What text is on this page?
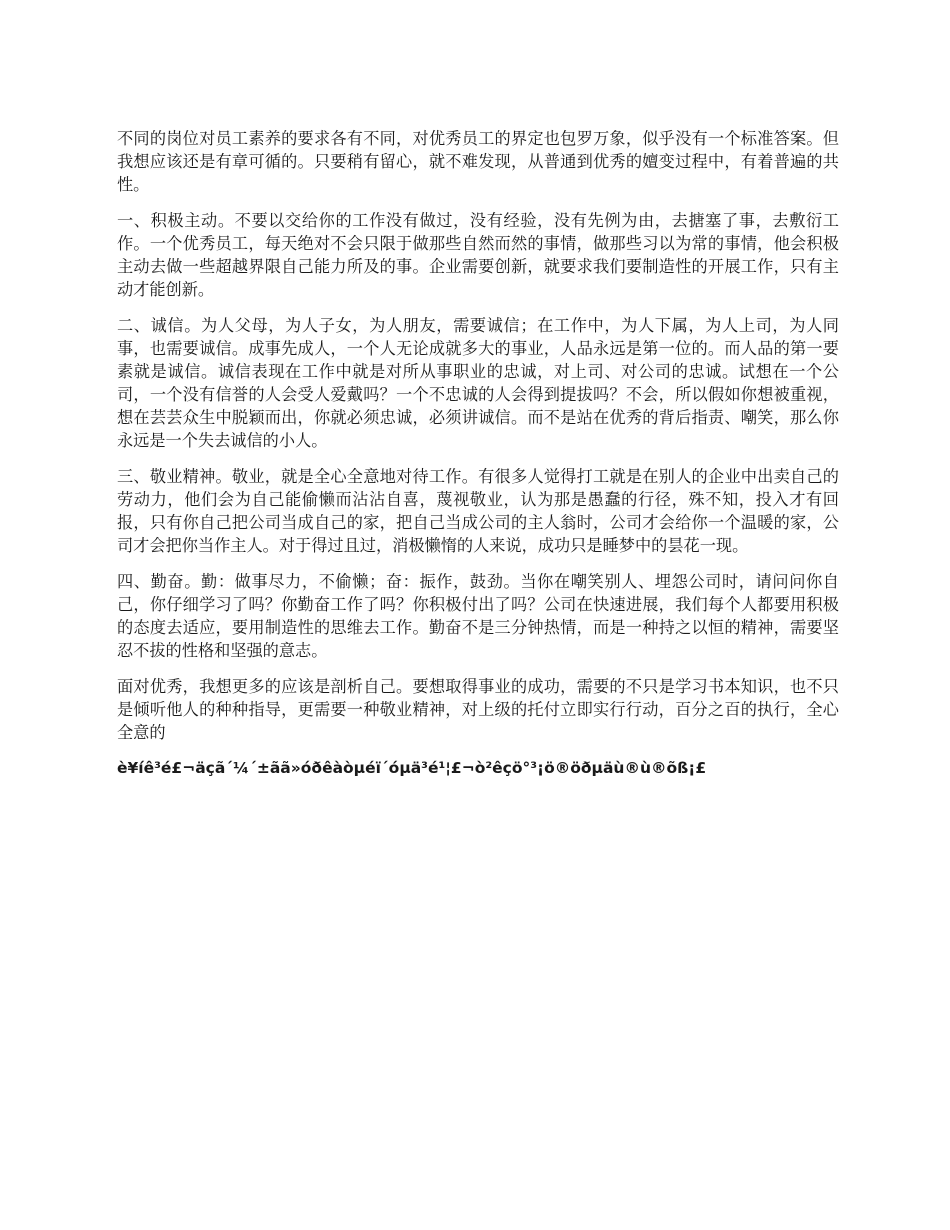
不同的岗位对员工素养的要求各有不同，对优秀员工的界定也包罗万象，似乎没有一个标准答案。但我想应该还是有章可循的。只要稍有留心，就不难发现，从普通到优秀的嬗变过程中，有着普遍的共性。

一、积极主动。不要以交给你的工作没有做过，没有经验，没有先例为由，去搪塞了事，去敷衍工作。一个优秀员工，每天绝对不会只限于做那些自然而然的事情，做那些习以为常的事情，他会积极主动去做一些超越界限自己能力所及的事。企业需要创新，就要求我们要制造性的开展工作，只有主动才能创新。

二、诚信。为人父母，为人子女，为人朋友，需要诚信；在工作中，为人下属，为人上司，为人同事，也需要诚信。成事先成人，一个人无论成就多大的事业，人品永远是第一位的。而人品的第一要素就是诚信。诚信表现在工作中就是对所从事职业的忠诚，对上司、对公司的忠诚。试想在一个公司，一个没有信誉的人会受人爱戴吗？一个不忠诚的人会得到提拔吗？不会，所以假如你想被重视，想在芸芸众生中脱颖而出，你就必须忠诚，必须讲诚信。而不是站在优秀的背后指责、嘲笑，那么你永远是一个失去诚信的小人。

三、敬业精神。敬业，就是全心全意地对待工作。有很多人觉得打工就是在别人的企业中出卖自己的劳动力，他们会为自己能偷懒而沾沾自喜，蔑视敬业，认为那是愚蠢的行径，殊不知，投入才有回报，只有你自己把公司当成自己的家，把自己当成公司的主人翁时，公司才会给你一个温暖的家，公司才会把你当作主人。对于得过且过，消极懒惰的人来说，成功只是睡梦中的昙花一现。

四、勤奋。勤：做事尽力，不偷懒；奋：振作，鼓劲。当你在嘲笑别人、埋怨公司时，请问问你自己，你仔细学习了吗？你勤奋工作了吗？你积极付出了吗？公司在快速进展，我们每个人都要用积极的态度去适应，要用制造性的思维去工作。勤奋不是三分钟热情，而是一种持之以恒的精神，需要坚忍不拔的性格和坚强的意志。

面对优秀，我想更多的应该是剖析自己。要想取得事业的成功，需要的不只是学习书本知识，也不只是倾听他人的种种指导，更需要一种敬业精神，对上级的托付立即实行行动，百分之百的执行，全心全意的

è¥íê³é£¬äçã´¼´±ãã»óðêàòµéï´óµä³é¹¦£¬ò²êçö°³¡ö®öðµäù®ù®õß¡£
